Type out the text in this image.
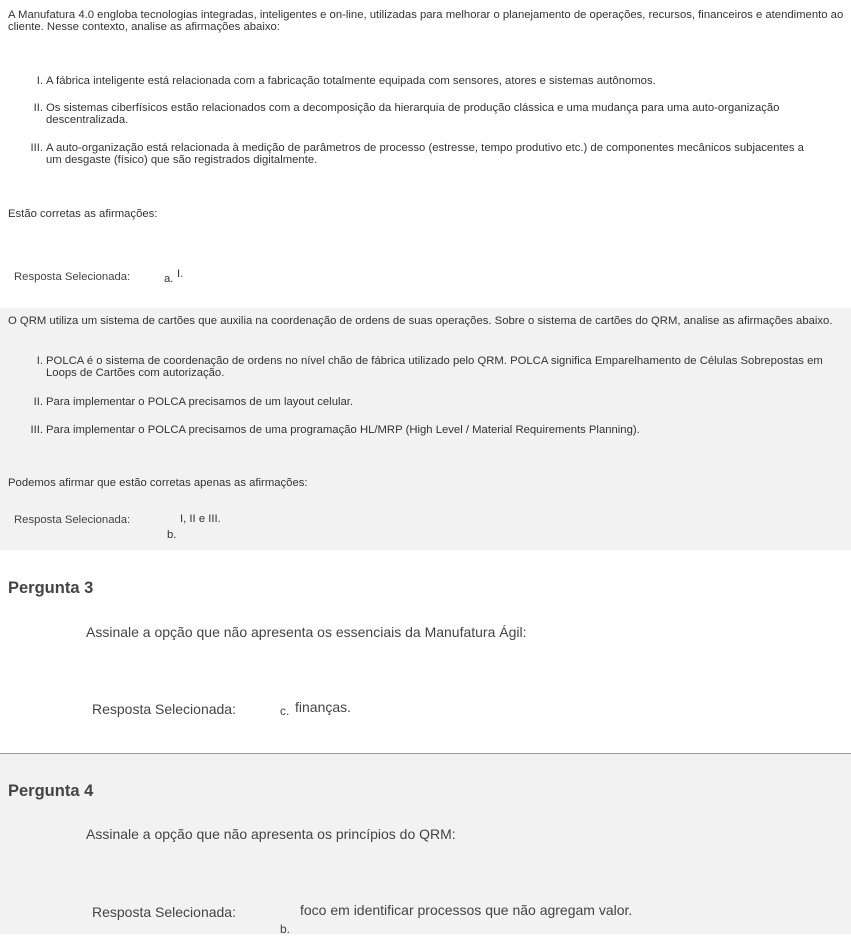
A Manufatura 4.0 engloba tecnologias integradas, inteligentes e on-line, utilizadas para melhorar o planejamento de operações, recursos, financeiros e atendimento ao cliente. Nesse contexto, analise as afirmações abaixo:

I. A fábrica inteligente está relacionada com a fabricação totalmente equipada com sensores, atores e sistemas autônomos.
II. Os sistemas ciberfísicos estão relacionados com a decomposição da hierarquia de produção clássica e uma mudança para uma auto-organização descentralizada.
III. A auto-organização está relacionada à medição de parâmetros de processo (estresse, tempo produtivo etc.) de componentes mecânicos subjacentes a um desgaste (físico) que são registrados digitalmente.

Estão corretas as afirmações:

Resposta Selecionada:	a. I.

O QRM utiliza um sistema de cartões que auxilia na coordenação de ordens de suas operações. Sobre o sistema de cartões do QRM, analise as afirmações abaixo.

I. POLCA é o sistema de coordenação de ordens no nível chão de fábrica utilizado pelo QRM. POLCA significa Emparelhamento de Células Sobrepostas em Loops de Cartões com autorização.
II. Para implementar o POLCA precisamos de um layout celular.
III. Para implementar o POLCA precisamos de uma programação HL/MRP (High Level / Material Requirements Planning).

Podemos afirmar que estão corretas apenas as afirmações:

Resposta Selecionada:
b.
I, II e III.
Pergunta 3
Assinale a opção que não apresenta os essenciais da Manufatura Ágil:
Resposta Selecionada:	c. finanças.
Pergunta 4
Assinale a opção que não apresenta os princípios do QRM:
Resposta Selecionada:
b.
foco em identificar processos que não agregam valor.
